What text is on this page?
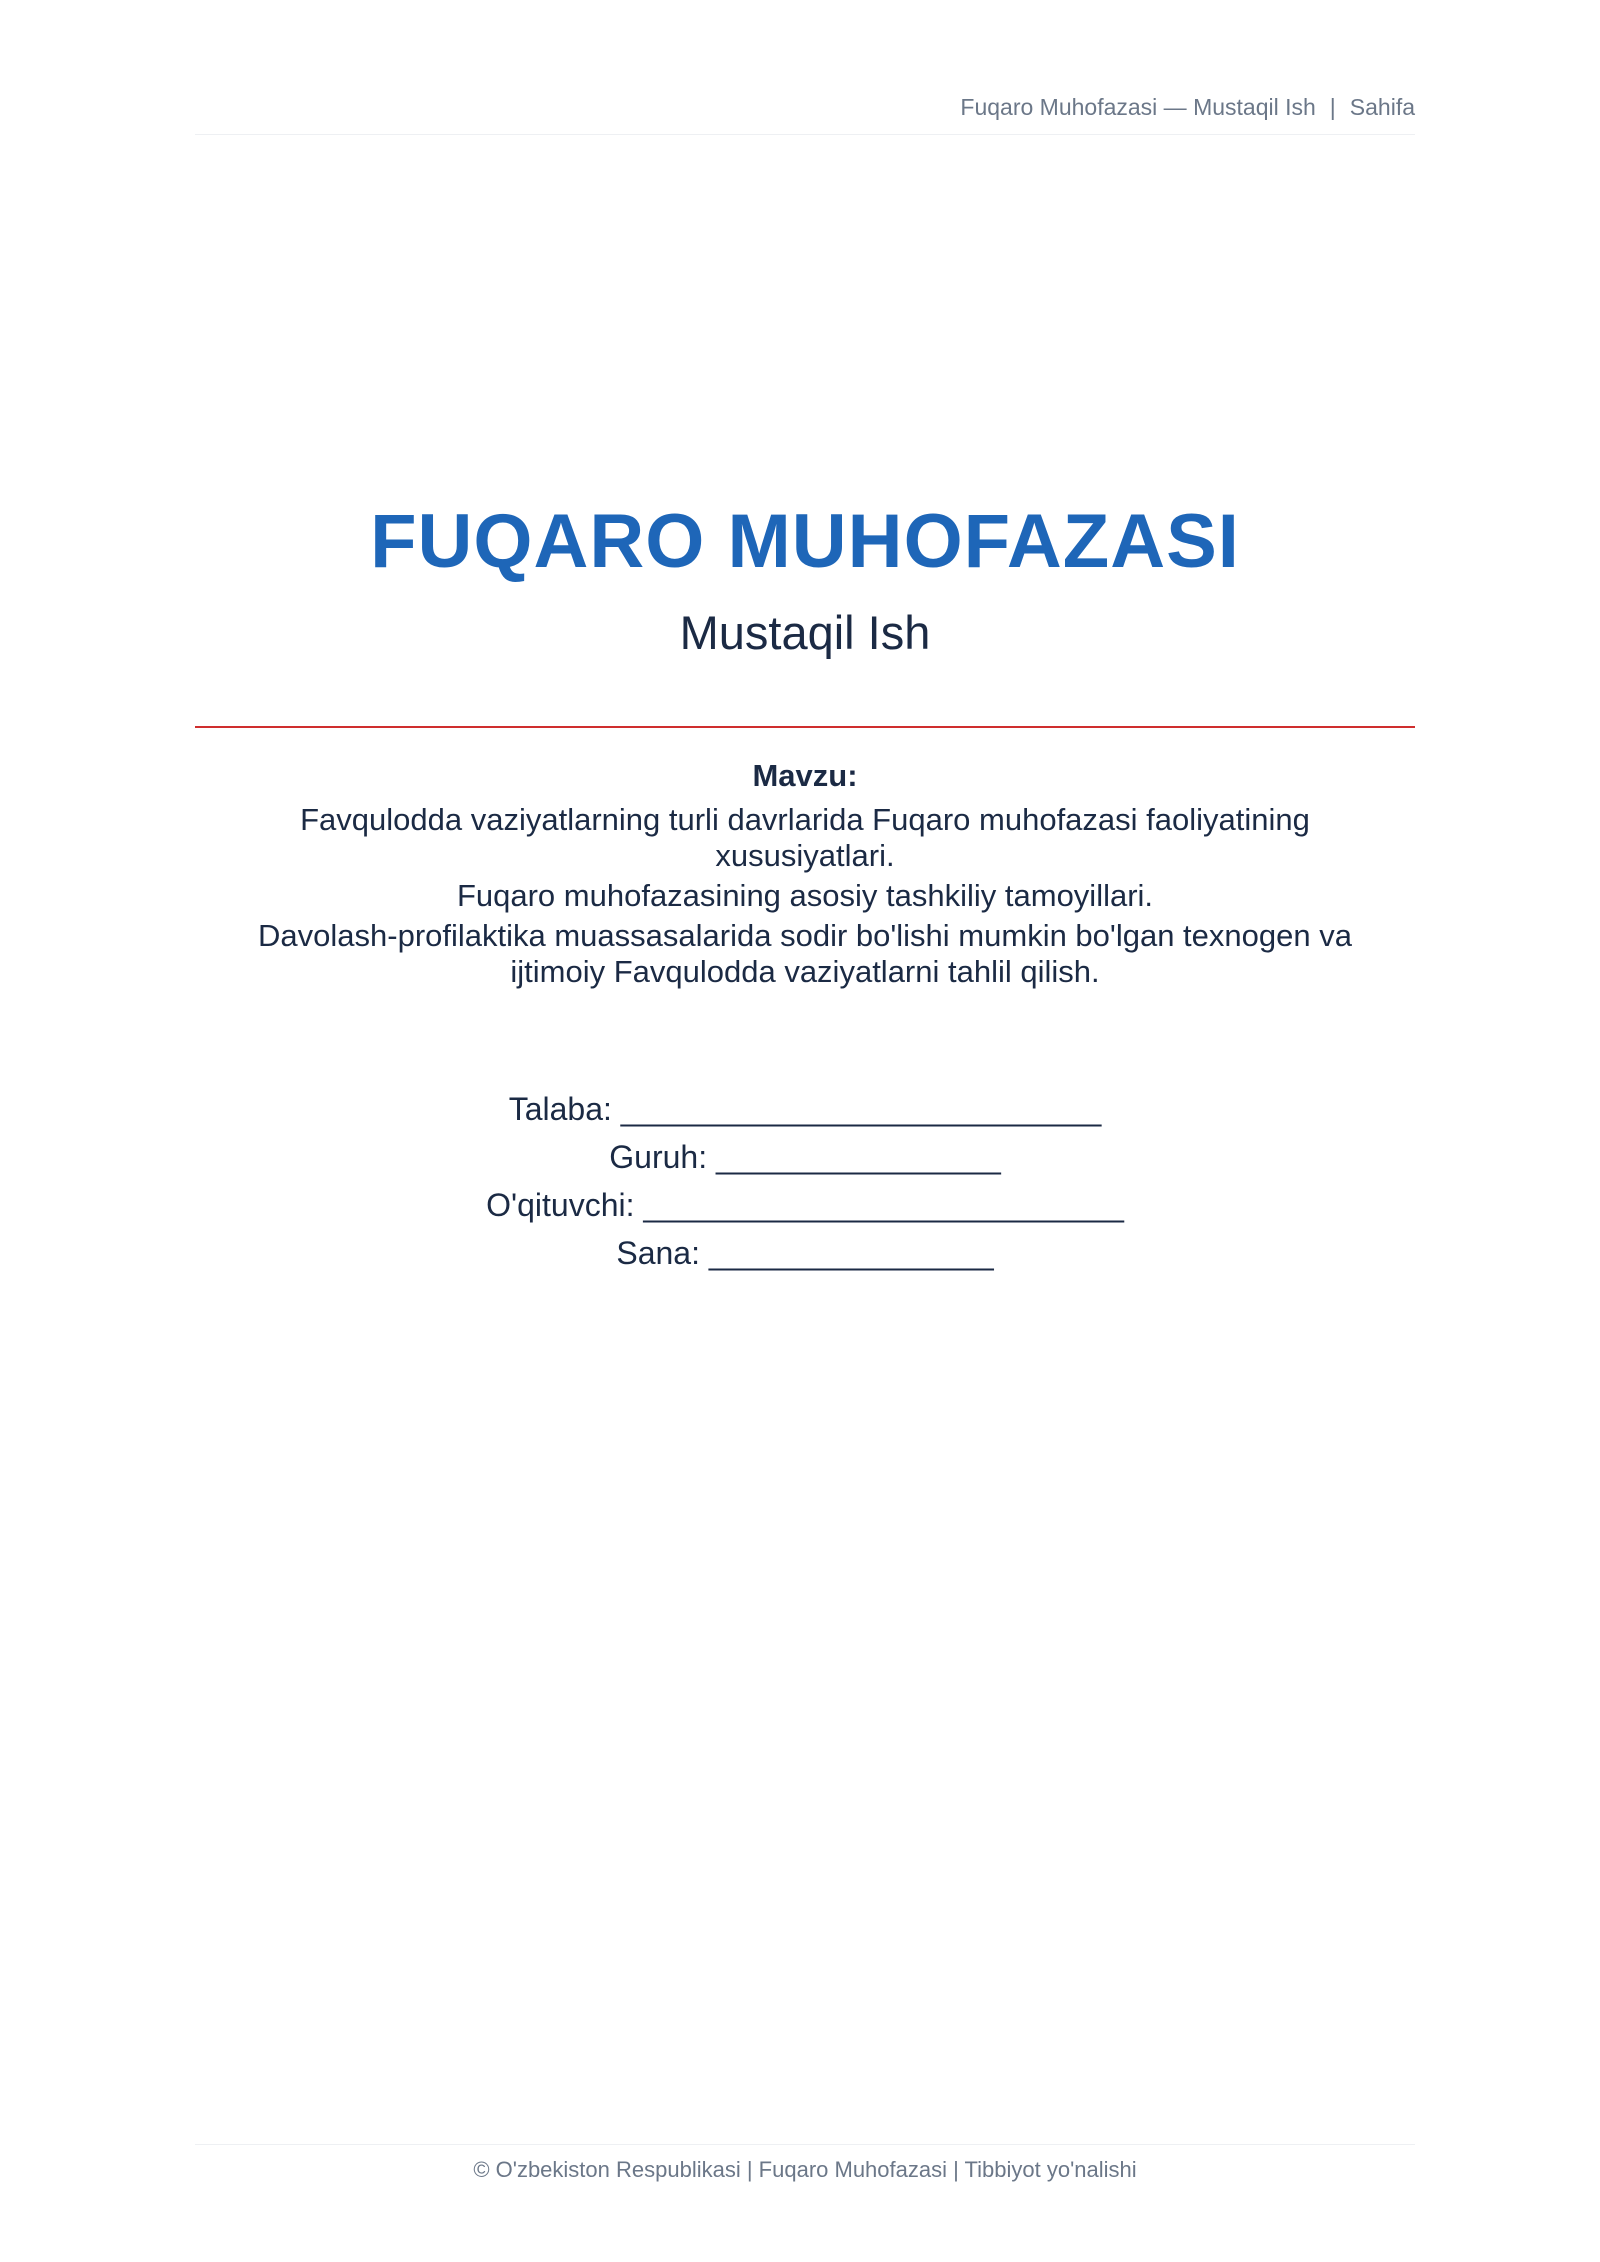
Fuqaro Muhofazasi — Mustaqil Ish | Sahifa
FUQARO MUHOFAZASI
Mustaqil Ish
Mavzu:
Favqulodda vaziyatlarning turli davrlarida Fuqaro muhofazasi faoliyatining xususiyatlari.
Fuqaro muhofazasining asosiy tashkiliy tamoyillari.
Davolash-profilaktika muassasalarida sodir bo'lishi mumkin bo'lgan texnogen va ijtimoiy Favqulodda vaziyatlarni tahlil qilish.
Talaba: ___________________________
Guruh: ________________
O'qituvchi: ___________________________
Sana: ________________
© O'zbekiston Respublikasi | Fuqaro Muhofazasi | Tibbiyot yo'nalishi
